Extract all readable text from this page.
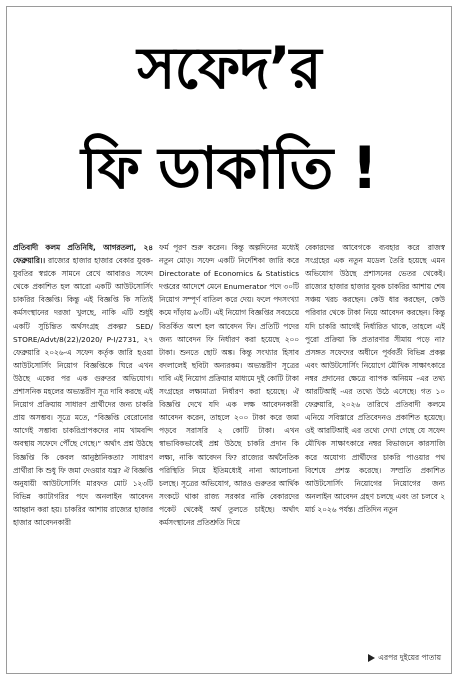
সফেদ’র
ফি ডাকাতি !

প্রতিবাদী কলম প্রতিনিধি, আগরতলা, ২৪ ফেব্রুয়ারি।। রাজ্যের হাজার হাজার বেকার যুবক-যুবতির স্বপ্নকে সামনে রেখে আবারও সফেদ থেকে প্রকাশিত হল আরো একটি আউটসোর্সিং চাকরির বিজ্ঞপ্তি। কিন্তু এই বিজ্ঞপ্তি কি সত্যিই কর্মসংস্থানের দরজা খুলছে, নাকি এটি শুধুই একটি সুচিন্তিত অর্থসংগ্রহ প্রকল্প? SED/ STORE/Advt/8(22)/2020/ P-I/2731, ২৭ ফেব্রুয়ারি ২০২৬-এ সফেদ কর্তৃক জারি হওয়া আউটসোর্সিং নিয়োগ বিজ্ঞপ্তিকে ঘিরে এখন উঠছে একের পর এক গুরুতর অভিযোগ। প্রশাসনিক মহলের অভ্যন্তরীণ সূত্র দাবি করছে এই নিয়োগ প্রক্রিয়ায় সাধারণ প্রার্থীদের জন্য চাকরি প্রায় অসম্ভব। সূত্রে মতে, “বিজ্ঞপ্তি বেরোনোর আগেই সম্ভাব্য চাকরিপ্রাপকদের নাম খামবন্দি অবস্থায় সফেদে পৌঁছে গেছে।” অর্থাৎ প্রশ্ন উঠছে বিজ্ঞপ্তি কি কেবল আনুষ্ঠানিকতা? সাধারণ প্রার্থীরা কি শুধু ফি জমা দেওয়ার যন্ত্র? ঐ বিজ্ঞপ্তি অনুযায়ী আউটসোর্সিং মারফত মোট ১২৩টি বিভিন্ন ক্যাটাগরির পদে অনলাইন আবেদন আহ্বান করা হয়। চাকরির আশায় রাজ্যের হাজার হাজার আবেদনকারী

ফর্ম পূরণ শুরু করেন। কিন্তু অল্পদিনের মধ্যেই নতুন মোড়। সফেদ একটি নির্দেশিকা জারি করে Directorate of Economics & Statistics দপ্তরের আদেশে মেনে Enumerator পদে ৩০টি নিয়োগ সম্পূর্ণ বাতিল করে দেয়। ফলে পদসংখ্যা কমে দাঁড়ায় ৯৩টি। এই নিয়োগ বিজ্ঞপ্তির সবচেয়ে বিতর্কিত অংশ হল আবেদন ফি। প্রতিটি পদের জন্য আবেদন ফি নির্ধারণ করা হয়েছে ২০০ টাকা। শুনতে ছোট অঙ্ক। কিন্তু সংখ্যার হিসাব বদলালেই ছবিটা অন্যরকম। অভ্যন্তরীণ সূত্রের দাবি এই নিয়োগ প্রক্রিয়ার মাধ্যমে দুই কোটি টাকা সংগ্রহের লক্ষ্যমাত্রা নির্ধারণ করা হয়েছে। ঐ বিজ্ঞপ্তি দেখে যদি এক লক্ষ আবেদনকারী আবেদন করেন, তাহলে ২০০ টাকা করে জমা পড়বে সরাসরি ২ কোটি টাকা। এখন স্বাভাবিকভাবেই প্রশ্ন উঠছে চাকরি প্রদান কি লক্ষ্য, নাকি আবেদন ফি? রাজ্যের অর্থনৈতিক পরিস্থিতি নিয়ে ইতিমধ্যেই নানা আলোচনা চলছে। সূত্রের অভিযোগ, আরও গুরুতর আর্থিক সংকটে থাকা রাজ্য সরকার নাকি বেকারদের পকেট থেকেই অর্থ তুলতে চাইছে। অর্থাৎ কর্মসংস্থানের প্রতিশ্রুতি দিয়ে

বেকারদের আবেগকে ব্যবহার করে রাজস্ব সংগ্রহের এক নতুন মডেল তৈরি হয়েছে এমন অভিযোগ উঠছে প্রশাসনের ভেতর থেকেই। রাজ্যের হাজার হাজার যুবক চাকরির আশায় শেষ সঞ্চয় খরচ করছেন। কেউ ধার করছেন, কেউ পরিবার থেকে টাকা নিয়ে আবেদন করছেন। কিন্তু যদি চাকরি আগেই নির্ধারিত থাকে, তাহলে এই পুরো প্রক্রিয়া কি প্রতারণার সীমায় পড়ে না? প্রসঙ্গত সফেদের অধীনে পূর্ববর্তী বিভিন্ন প্রকল্প এবং আউটসোর্সিং নিয়োগে মৌখিক সাক্ষাৎকারে নম্বর প্রদানের ক্ষেত্রে ব্যাপক অনিয়ম -এর তথ্য আরটিআই -এর তথ্যে উঠে এসেছে। গত ১০ ফেব্রুয়ারি, ২০২৬ তারিখে প্রতিবাদী কলমে এনিয়ে সবিস্তারে প্রতিবেদনও প্রকাশিত হয়েছে। ওই আরটিআই এর তথ্যে দেখা গেছে যে সফেদ মৌখিক সাক্ষাৎকারে নম্বর বিভাজনে কারসাজি করে অযোগ্য প্রার্থীদের চাকরি পাওয়ার পথ বিশেষে প্রশস্ত করেছে। সম্প্রতি প্রকাশিত আউটসোর্সিং নিয়োগের নিয়োগের জন্য অনলাইন আবেদন গ্রহণ চলছে এবং তা চলবে ২ মার্চ ২০২৬ পর্যন্ত। প্রতিদিন নতুন

এরপর দুইয়ের পাতায়
